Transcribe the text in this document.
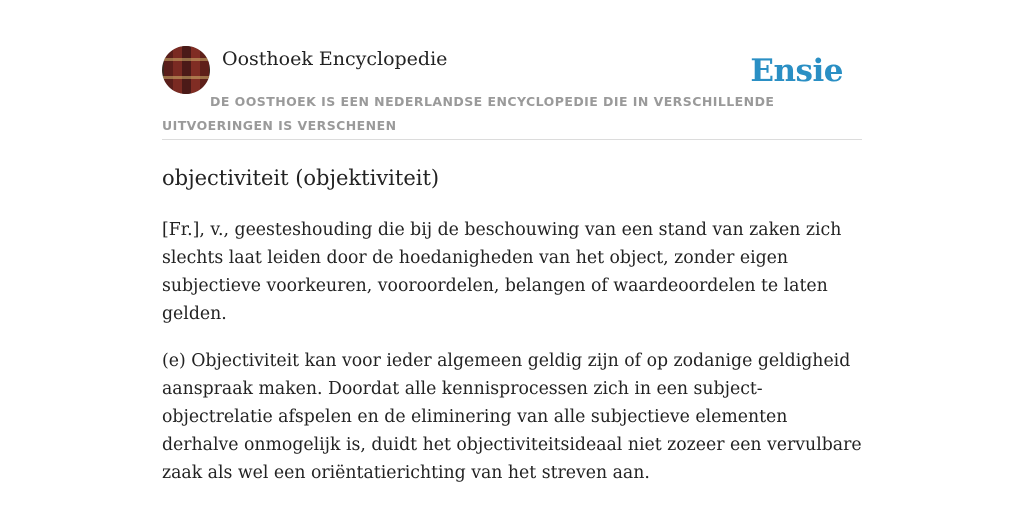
Oosthoek Encyclopedie	Ensie
DE OOSTHOEK IS EEN NEDERLANDSE ENCYCLOPEDIE DIE IN VERSCHILLENDE UITVOERINGEN IS VERSCHENEN
objectiviteit (objektiviteit)

[Fr.], v., geesteshouding die bij de beschouwing van een stand van zaken zich slechts laat leiden door de hoedanigheden van het object, zonder eigen subjectieve voorkeuren, vooroordelen, belangen of waardeoordelen te laten gelden.

(e) Objectiviteit kan voor ieder algemeen geldig zijn of op zodanige geldigheid aanspraak maken. Doordat alle kennisprocessen zich in een subject-objectrelatie afspelen en de eliminering van alle subjectieve elementen derhalve onmogelijk is, duidt het objectiviteitsideaal niet zozeer een vervulbare zaak als wel een oriëntatierichting van het streven aan.
